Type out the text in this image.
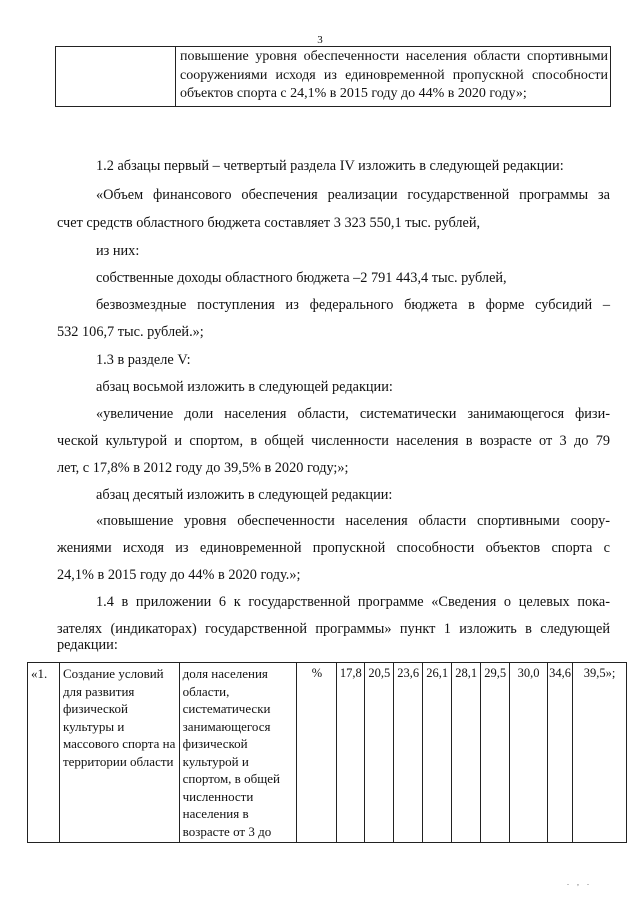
3
	повышение уровня обеспеченности населения области спортивными сооружениями исходя из единовременной пропускной способности объектов спорта с 24,1% в 2015 году до 44% в 2020 году»;
1.2 абзацы первый – четвертый раздела IV изложить в следующей редакции:
«Объем финансового обеспечения реализации государственной программы за
счет средств областного бюджета составляет 3 323 550,1 тыс. рублей,
из них:
собственные доходы областного бюджета –2 791 443,4 тыс. рублей,
безвозмездные поступления из федерального бюджета в форме субсидий –
532 106,7 тыс. рублей.»;
1.3 в разделе V:
абзац восьмой изложить в следующей редакции:
«увеличение доли населения области, систематически занимающегося физи-
ческой культурой и спортом, в общей численности населения в возрасте от 3 до 79
лет, с 17,8% в 2012 году до 39,5% в 2020 году;»;
абзац десятый изложить в следующей редакции:
«повышение уровня обеспеченности населения области спортивными соору-
жениями исходя из единовременной пропускной способности объектов спорта с
24,1% в 2015 году до 44% в 2020 году.»;
1.4 в приложении 6 к государственной программе «Сведения о целевых пока-
зателях (индикаторах) государственной программы» пункт 1 изложить в следующей
редакции:
«1.	Создание условий для развития физической культуры и массового спорта на территории области	доля населения области, систематически занимающегося физической культурой и спортом, в общей численности населения в возрасте от 3 до	%	17,8	20,5	23,6	26,1	28,1	29,5	30,0	34,6	39,5»;
. , .
